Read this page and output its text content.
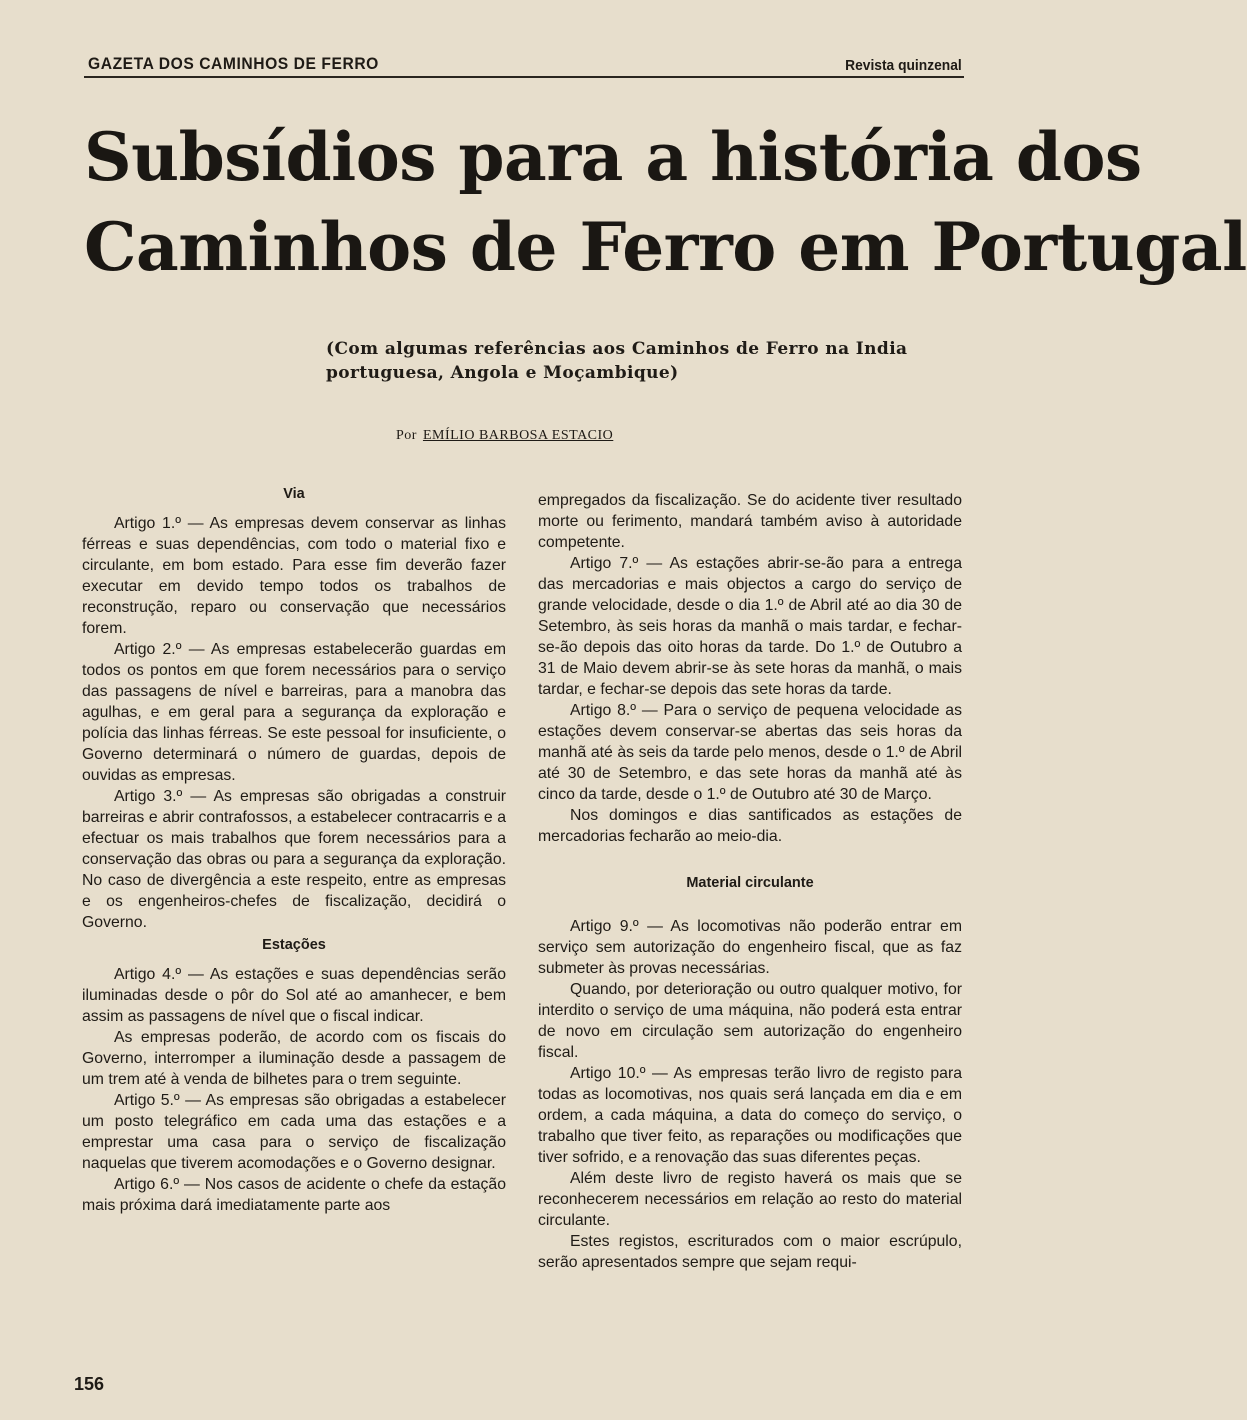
GAZETA DOS CAMINHOS DE FERRO	Revista quinzenal
Subsídios para a história dos
Caminhos de Ferro em Portugal
(Com algumas referências aos Caminhos de Ferro na India portuguesa, Angola e Moçambique)
Por EMÍLIO BARBOSA ESTACIO
Via

Artigo 1.º — As empresas devem conservar as linhas férreas e suas dependências, com todo o material fixo e circulante, em bom estado. Para esse fim deverão fazer executar em devido tempo todos os trabalhos de reconstrução, reparo ou conservação que necessários forem.

Artigo 2.º — As empresas estabelecerão guardas em todos os pontos em que forem necessários para o serviço das passagens de nível e barreiras, para a manobra das agulhas, e em geral para a segurança da exploração e polícia das linhas férreas. Se este pessoal for insuficiente, o Governo determinará o número de guardas, depois de ouvidas as empresas.

Artigo 3.º — As empresas são obrigadas a construir barreiras e abrir contrafossos, a estabelecer contracarris e a efectuar os mais trabalhos que forem necessários para a conservação das obras ou para a segurança da exploração. No caso de divergência a este respeito, entre as empresas e os engenheiros-chefes de fiscalização, decidirá o Governo.

Estações

Artigo 4.º — As estações e suas dependências serão iluminadas desde o pôr do Sol até ao amanhecer, e bem assim as passagens de nível que o fiscal indicar.

As empresas poderão, de acordo com os fiscais do Governo, interromper a iluminação desde a passagem de um trem até à venda de bilhetes para o trem seguinte.

Artigo 5.º — As empresas são obrigadas a estabelecer um posto telegráfico em cada uma das estações e a emprestar uma casa para o serviço de fiscalização naquelas que tiverem acomodações e o Governo designar.

Artigo 6.º — Nos casos de acidente o chefe da estação mais próxima dará imediatamente parte aos

empregados da fiscalização. Se do acidente tiver resultado morte ou ferimento, mandará também aviso à autoridade competente.

Artigo 7.º — As estações abrir-se-ão para a entrega das mercadorias e mais objectos a cargo do serviço de grande velocidade, desde o dia 1.º de Abril até ao dia 30 de Setembro, às seis horas da manhã o mais tardar, e fechar-se-ão depois das oito horas da tarde. Do 1.º de Outubro a 31 de Maio devem abrir-se às sete horas da manhã, o mais tardar, e fechar-se depois das sete horas da tarde.

Artigo 8.º — Para o serviço de pequena velocidade as estações devem conservar-se abertas das seis horas da manhã até às seis da tarde pelo menos, desde o 1.º de Abril até 30 de Setembro, e das sete horas da manhã até às cinco da tarde, desde o 1.º de Outubro até 30 de Março.

Nos domingos e dias santificados as estações de mercadorias fecharão ao meio-dia.

Material circulante

Artigo 9.º — As locomotivas não poderão entrar em serviço sem autorização do engenheiro fiscal, que as faz submeter às provas necessárias.

Quando, por deterioração ou outro qualquer motivo, for interdito o serviço de uma máquina, não poderá esta entrar de novo em circulação sem autorização do engenheiro fiscal.

Artigo 10.º — As empresas terão livro de registo para todas as locomotivas, nos quais será lançada em dia e em ordem, a cada máquina, a data do começo do serviço, o trabalho que tiver feito, as reparações ou modificações que tiver sofrido, e a renovação das suas diferentes peças.

Além deste livro de registo haverá os mais que se reconhecerem necessários em relação ao resto do material circulante.

Estes registos, escriturados com o maior escrúpulo, serão apresentados sempre que sejam requi-

156
